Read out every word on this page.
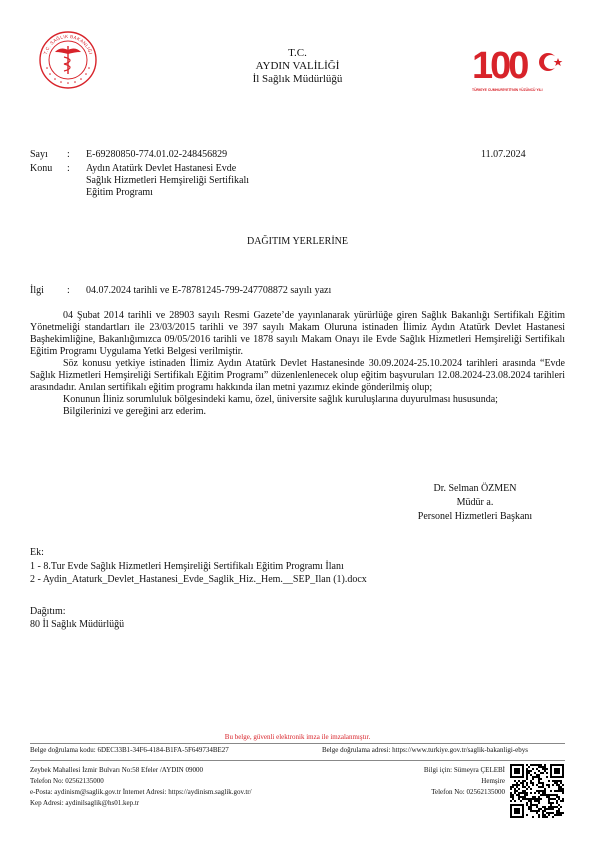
T.C. SAĞLIK BAKANLIĞI	100
TÜRKİYE CUMHURİYETİ'NİN YÜZÜNCÜ YILI
T.C.
AYDIN VALİLİĞİ
İl Sağlık Müdürlüğü
Sayı : E-69280850-774.01.02-248456829	11.07.2024
Konu : Aydın Atatürk Devlet Hastanesi Evde
Sağlık Hizmetleri Hemşireliği Sertifikalı
Eğitim Programı
DAĞITIM YERLERİNE
İlgi : 04.07.2024 tarihli ve E-78781245-799-247708872 sayılı yazı

04 Şubat 2014 tarihli ve 28903 sayılı Resmi Gazete’de yayınlanarak yürürlüğe giren Sağlık Bakanlığı Sertifikalı Eğitim Yönetmeliği standartları ile 23/03/2015 tarihli ve 397 sayılı Makam Oluruna istinaden İlimiz Aydın Atatürk Devlet Hastanesi Başhekimliğine, Bakanlığımızca 09/05/2016 tarihli ve 1878 sayılı Makam Onayı ile Evde Sağlık Hizmetleri Hemşireliği Sertifikalı Eğitim Programı Uygulama Yetki Belgesi verilmiştir.

Söz konusu yetkiye istinaden İlimiz Aydın Atatürk Devlet Hastanesinde 30.09.2024-25.10.2024 tarihleri arasında “Evde Sağlık Hizmetleri Hemşireliği Sertifikalı Eğitim Programı” düzenlenlenecek olup eğitim başvuruları 12.08.2024-23.08.2024 tarihleri arasındadır. Anılan sertifikalı eğitim programı hakkında ilan metni yazımız ekinde gönderilmiş olup;

Konunun İliniz sorumluluk bölgesindeki kamu, özel, üniversite sağlık kuruluşlarına duyurulması hususunda;

Bilgilerinizi ve gereğini arz ederim.

Dr. Selman ÖZMEN
Müdür a.
Personel Hizmetleri Başkanı
Ek:
1 - 8.Tur Evde Sağlık Hizmetleri Hemşireliği Sertifikalı Eğitim Programı İlanı
2 - Aydin_Ataturk_Devlet_Hastanesi_Evde_Saglik_Hiz._Hem.__SEP_Ilan (1).docx
Dağıtım:
80 İl Sağlık Müdürlüğü
Bu belge, güvenli elektronik imza ile imzalanmıştır.
Belge doğrulama kodu: 6DEC33B1-34F6-4184-B1FA-5F649734BE27	Belge doğrulama adresi: https://www.turkiye.gov.tr/saglik-bakanligi-ebys
Zeybek Mahallesi İzmir Bulvarı No:58 Efeler /AYDIN 09000
Telefon No: 02562135000
e-Posta: aydinism@saglik.gov.tr İnternet Adresi: https://aydinism.saglik.gov.tr/
Kep Adresi: aydinilsaglik@hs01.kep.tr
Bilgi için: Sümeyra ÇELEBİ
Hemşire
Telefon No: 02562135000
